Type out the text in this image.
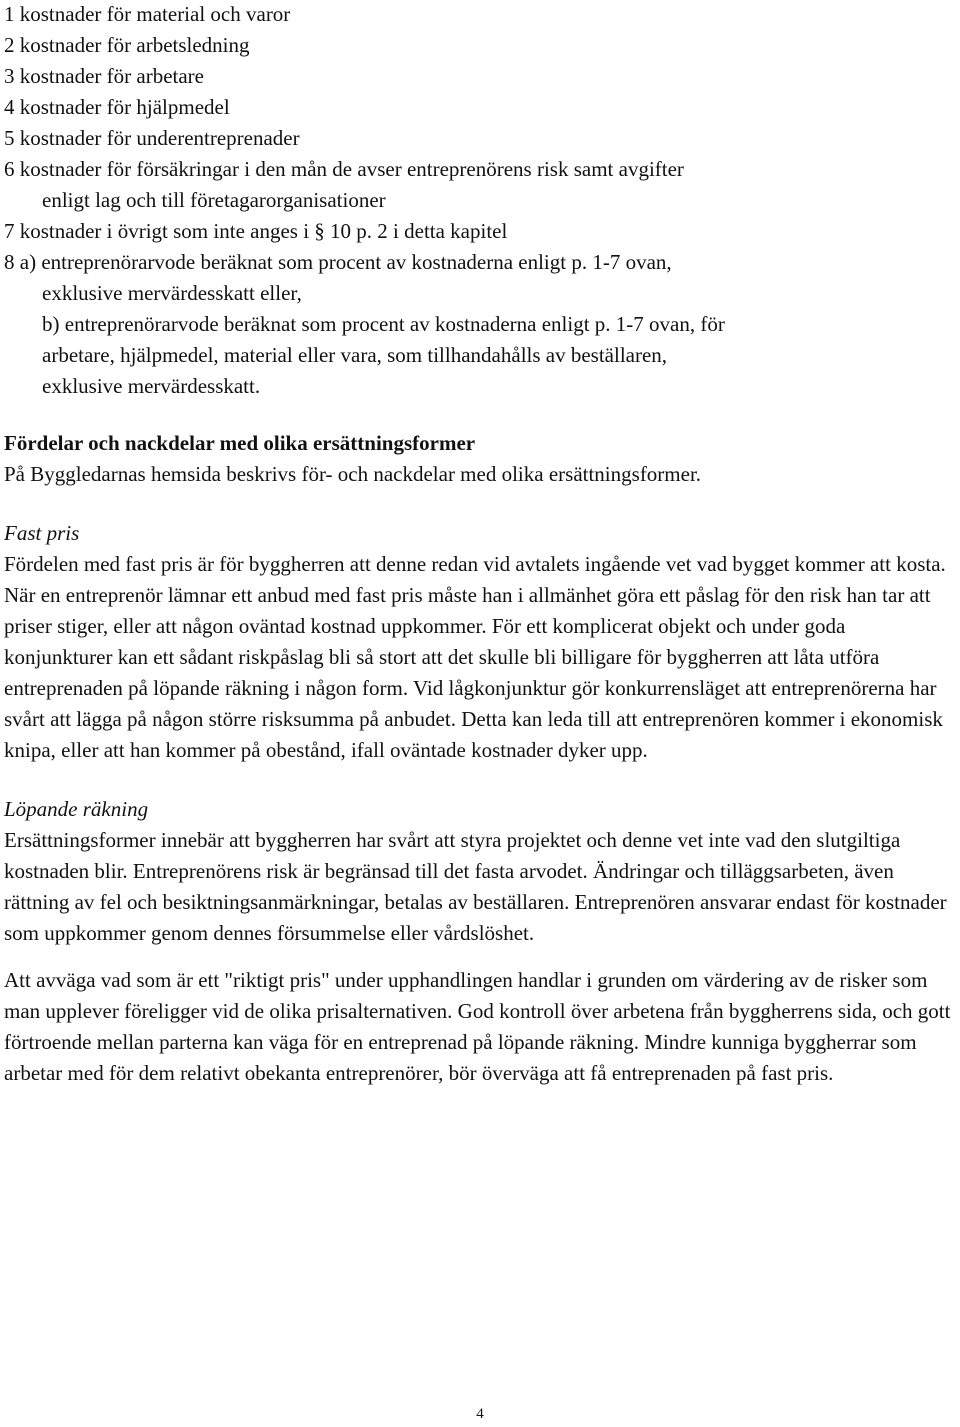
1 kostnader för material och varor
2 kostnader för arbetsledning
3 kostnader för arbetare
4 kostnader för hjälpmedel
5 kostnader för underentreprenader
6 kostnader för försäkringar i den mån de avser entreprenörens risk samt avgifter
enligt lag och till företagarorganisationer
7 kostnader i övrigt som inte anges i § 10 p. 2 i detta kapitel
8 a) entreprenörarvode beräknat som procent av kostnaderna enligt p. 1-7 ovan,
exklusive mervärdesskatt eller,
b) entreprenörarvode beräknat som procent av kostnaderna enligt p. 1-7 ovan, för
arbetare, hjälpmedel, material eller vara, som tillhandahålls av beställaren,
exklusive mervärdesskatt.
Fördelar och nackdelar med olika ersättningsformer

På Byggledarnas hemsida beskrivs för- och nackdelar med olika ersättningsformer.

Fast pris

Fördelen med fast pris är för byggherren att denne redan vid avtalets ingående vet vad bygget kommer att kosta. När en entreprenör lämnar ett anbud med fast pris måste han i allmänhet göra ett påslag för den risk han tar att priser stiger, eller att någon oväntad kostnad uppkommer. För ett komplicerat objekt och under goda konjunkturer kan ett sådant riskpåslag bli så stort att det skulle bli billigare för byggherren att låta utföra entreprenaden på löpande räkning i någon form. Vid lågkonjunktur gör konkurrensläget att entreprenörerna har svårt att lägga på någon större risksumma på anbudet. Detta kan leda till att entreprenören kommer i ekonomisk knipa, eller att han kommer på obestånd, ifall oväntade kostnader dyker upp.

Löpande räkning

Ersättningsformer innebär att byggherren har svårt att styra projektet och denne vet inte vad den slutgiltiga kostnaden blir. Entreprenörens risk är begränsad till det fasta arvodet. Ändringar och tilläggsarbeten, även rättning av fel och besiktningsanmärkningar, betalas av beställaren. Entreprenören ansvarar endast för kostnader som uppkommer genom dennes försummelse eller vårdslöshet.

Att avväga vad som är ett "riktigt pris" under upphandlingen handlar i grunden om värdering av de risker som man upplever föreligger vid de olika prisalternativen. God kontroll över arbetena från byggherrens sida, och gott förtroende mellan parterna kan väga för en entreprenad på löpande räkning. Mindre kunniga byggherrar som arbetar med för dem relativt obekanta entreprenörer, bör överväga att få entreprenaden på fast pris.

4
